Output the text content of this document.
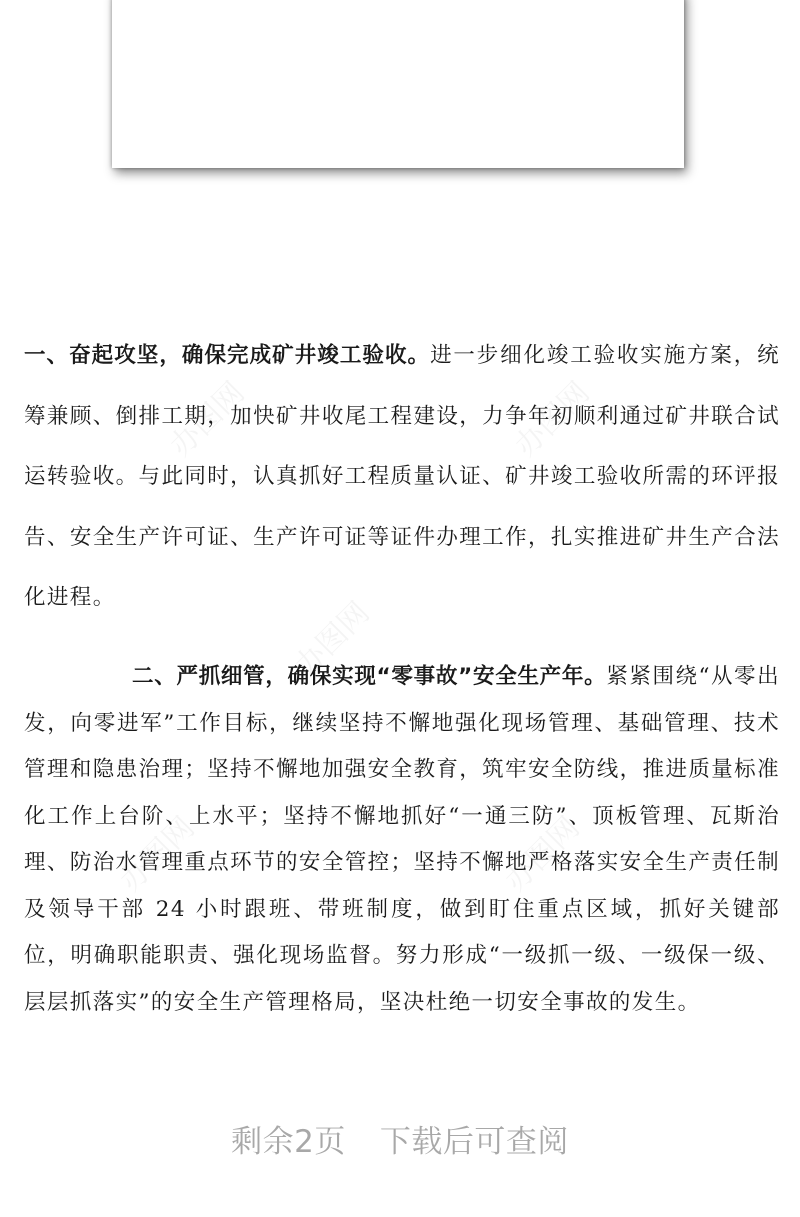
一、奋起攻坚，确保完成矿井竣工验收。进一步细化竣工验收实施方案，统筹兼顾、倒排工期，加快矿井收尾工程建设，力争年初顺利通过矿井联合试运转验收。与此同时，认真抓好工程质量认证、矿井竣工验收所需的环评报告、安全生产许可证、生产许可证等证件办理工作，扎实推进矿井生产合法化进程。

二、严抓细管，确保实现“零事故”安全生产年。紧紧围绕“从零出发，向零进军”工作目标，继续坚持不懈地强化现场管理、基础管理、技术管理和隐患治理；坚持不懈地加强安全教育，筑牢安全防线，推进质量标准化工作上台阶、上水平；坚持不懈地抓好“一通三防”、顶板管理、瓦斯治理、防治水管理重点环节的安全管控；坚持不懈地严格落实安全生产责任制及领导干部 24 小时跟班、带班制度，做到盯住重点区域，抓好关键部位，明确职能职责、强化现场监督。努力形成“一级抓一级、一级保一级、层层抓落实”的安全生产管理格局，坚决杜绝一切安全事故的发生。

剩余2页 下载后可查阅
